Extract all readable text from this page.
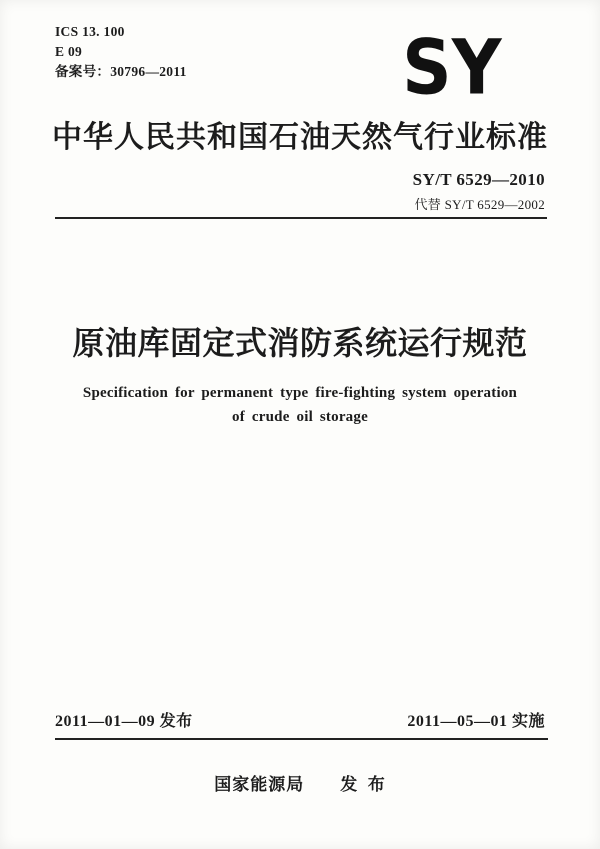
ICS 13. 100
E 09
备案号：30796—2011	SY
中华人民共和国石油天然气行业标准
SY/T 6529—2010
代替 SY/T 6529—2002
原油库固定式消防系统运行规范
Specification for permanent type fire-fighting system operation
of crude oil storage
2011—01—09 发布	2011—05—01 实施
国家能源局　　发 布
